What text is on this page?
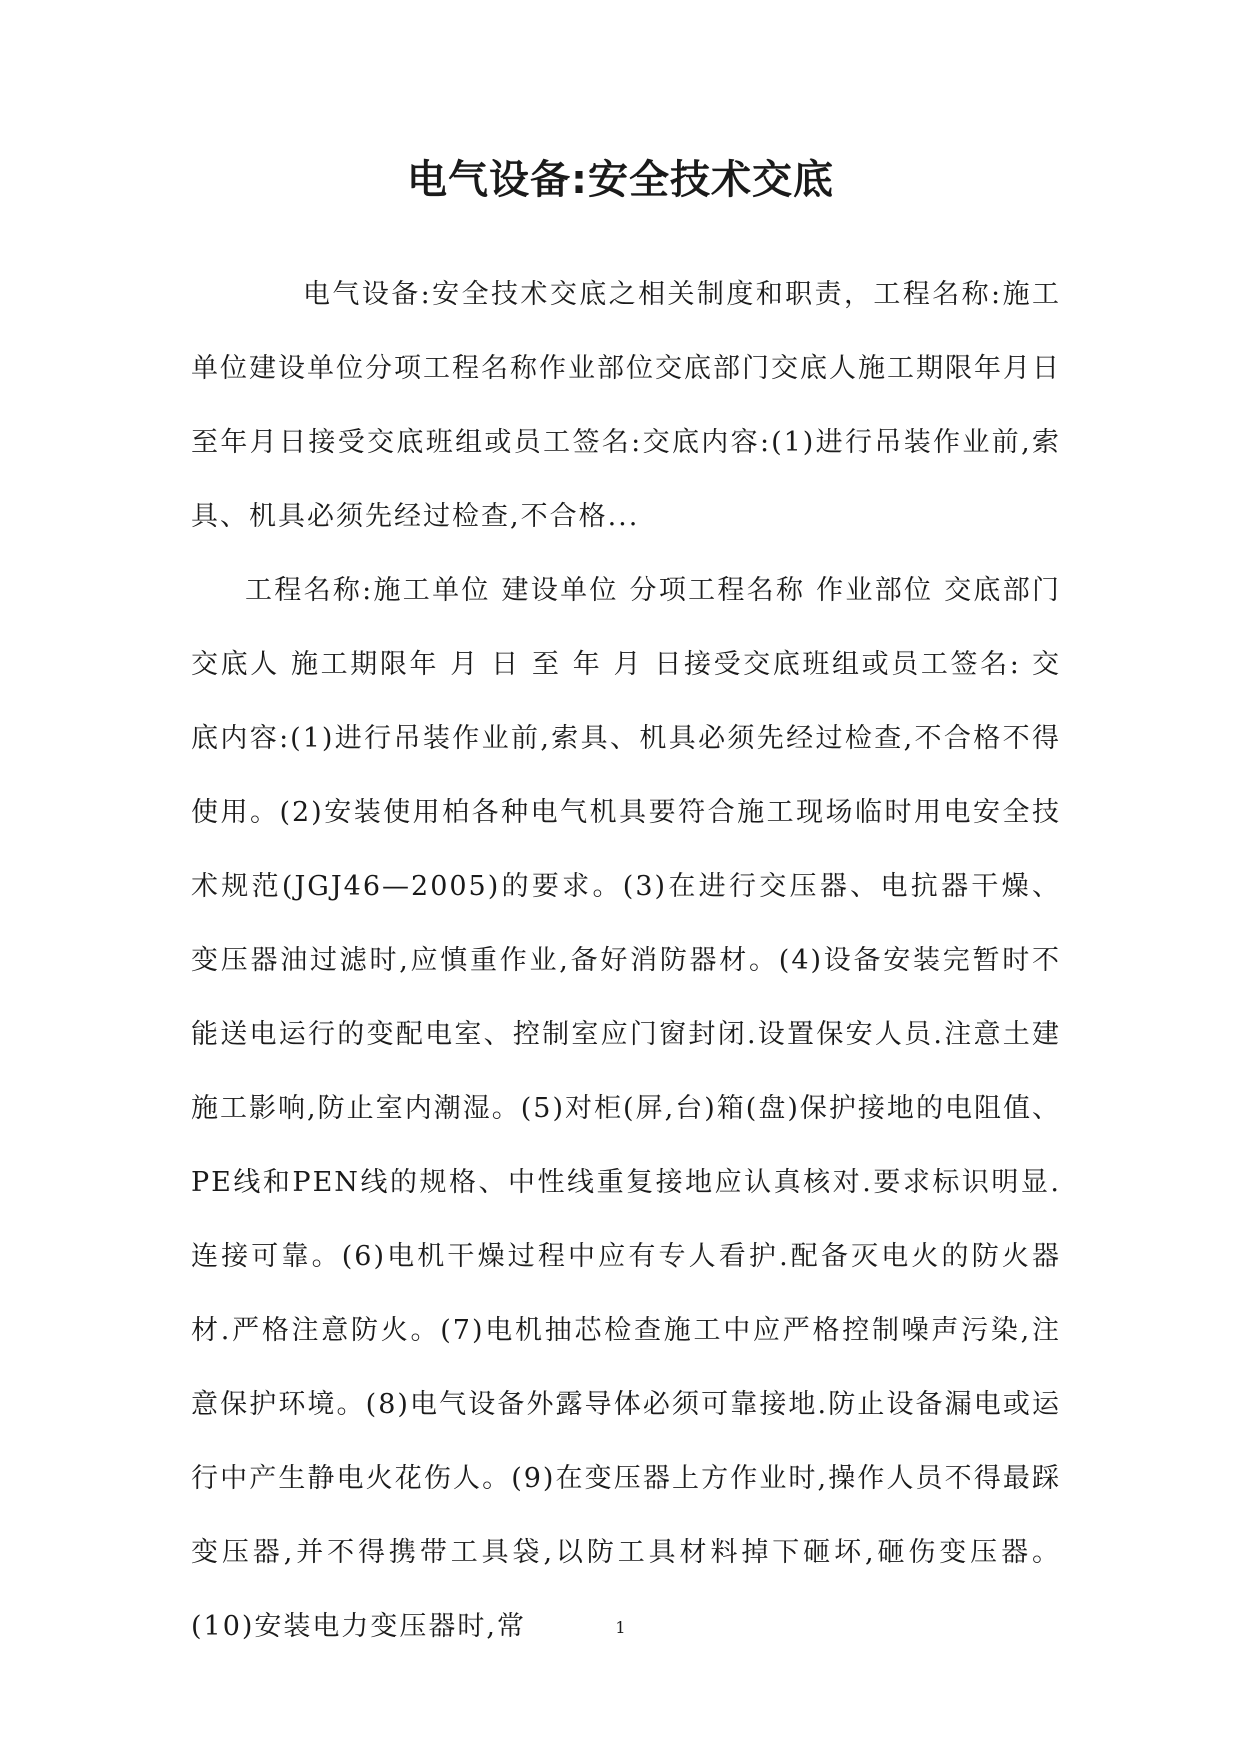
电气设备:安全技术交底

电气设备:安全技术交底之相关制度和职责，工程名称:施工单位建设单位分项工程名称作业部位交底部门交底人施工期限年月日至年月日接受交底班组或员工签名:交底内容:(1)进行吊装作业前,索具、机具必须先经过检查,不合格...

工程名称:施工单位 建设单位 分项工程名称 作业部位 交底部门 交底人 施工期限年 月 日 至 年 月 日接受交底班组或员工签名: 交底内容:(1)进行吊装作业前,索具、机具必须先经过检查,不合格不得使用。(2)安装使用柏各种电气机具要符合施工现场临时用电安全技术规范(JGJ46—2005)的要求。(3)在进行交压器、电抗器干燥、变压器油过滤时,应慎重作业,备好消防器材。(4)设备安装完暂时不能送电运行的变配电室、控制室应门窗封闭.设置保安人员.注意土建施工影响,防止室内潮湿。(5)对柜(屏,台)箱(盘)保护接地的电阻值、PE线和PEN线的规格、中性线重复接地应认真核对.要求标识明显.连接可靠。(6)电机干燥过程中应有专人看护.配备灭电火的防火器材.严格注意防火。(7)电机抽芯检查施工中应严格控制噪声污染,注意保护环境。(8)电气设备外露导体必须可靠接地.防止设备漏电或运行中产生静电火花伤人。(9)在变压器上方作业时,操作人员不得最踩变压器,并不得携带工具袋,以防工具材料掉下砸坏,砸伤变压器。(10)安装电力变压器时,常	1
